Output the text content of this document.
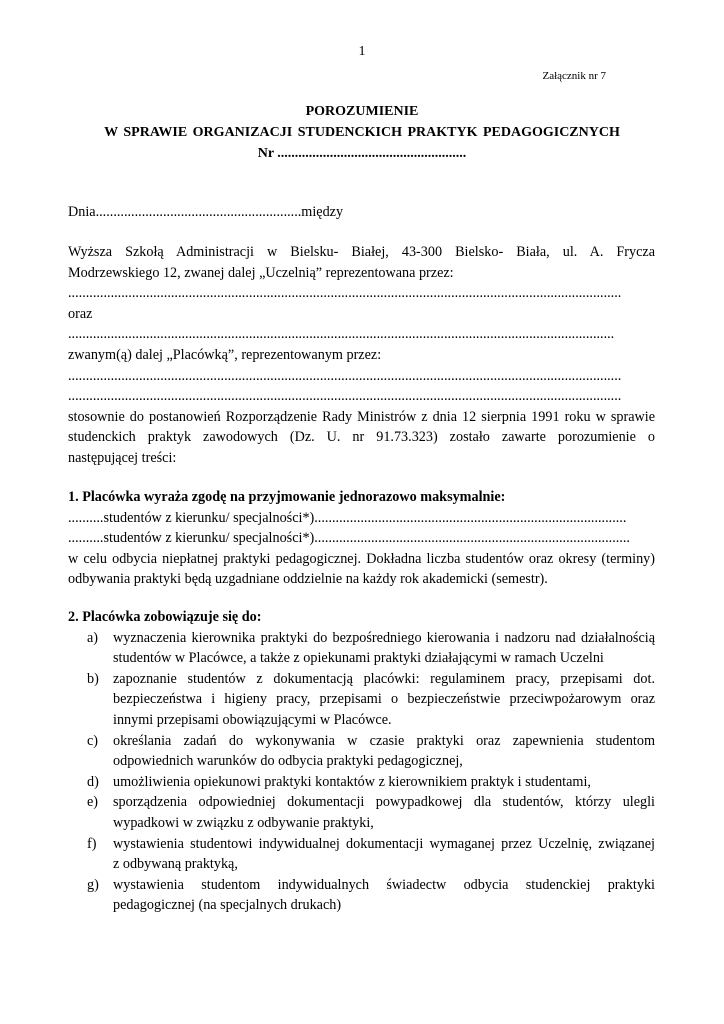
1
Załącznik nr 7
POROZUMIENIE
W SPRAWIE ORGANIZACJI STUDENCKICH PRAKTYK PEDAGOGICZNYCH
Nr ......................................................
Dnia..........................................................między
Wyższa Szkołą Administracji w Bielsku- Białej, 43-300 Bielsko- Biała, ul. A. Frycza
Modrzewskiego 12, zwanej dalej „Uczelnią” reprezentowana przez:
............................................................................................................................................................
oraz
..........................................................................................................................................................
zwanym(ą) dalej „Placówką”, reprezentowanym przez:
............................................................................................................................................................
............................................................................................................................................................
stosownie do postanowień Rozporządzenie Rady Ministrów z dnia 12 sierpnia 1991 roku w sprawie
studenckich praktyk zawodowych (Dz. U. nr 91.73.323) zostało zawarte porozumienie o
następującej treści:
1. Placówka wyraża zgodę na przyjmowanie jednorazowo maksymalnie:
..........studentów z kierunku/ specjalności*)........................................................................................
..........studentów z kierunku/ specjalności*).........................................................................................
w celu odbycia niepłatnej praktyki pedagogicznej. Dokładna liczba studentów oraz okresy (terminy)
odbywania praktyki będą uzgadniane oddzielnie na każdy rok akademicki (semestr).
2. Placówka zobowiązuje się do:
a) wyznaczenia kierownika praktyki do bezpośredniego kierowania i nadzoru nad działalnością
studentów w Placówce, a także z opiekunami praktyki działającymi w ramach Uczelni
b) zapoznanie studentów z dokumentacją placówki: regulaminem pracy, przepisami dot.
bezpieczeństwa i higieny pracy, przepisami o bezpieczeństwie przeciwpożarowym oraz
innymi przepisami obowiązującymi w Placówce.
c) określania zadań do wykonywania w czasie praktyki oraz zapewnienia studentom
odpowiednich warunków do odbycia praktyki pedagogicznej,
d) umożliwienia opiekunowi praktyki kontaktów z kierownikiem praktyk i studentami,
e) sporządzenia odpowiedniej dokumentacji powypadkowej dla studentów, którzy ulegli
wypadkowi w związku z odbywanie praktyki,
f) wystawienia studentowi indywidualnej dokumentacji wymaganej przez Uczelnię, związanej
z odbywaną praktyką,
g) wystawienia studentom indywidualnych świadectw odbycia studenckiej praktyki
pedagogicznej (na specjalnych drukach)
